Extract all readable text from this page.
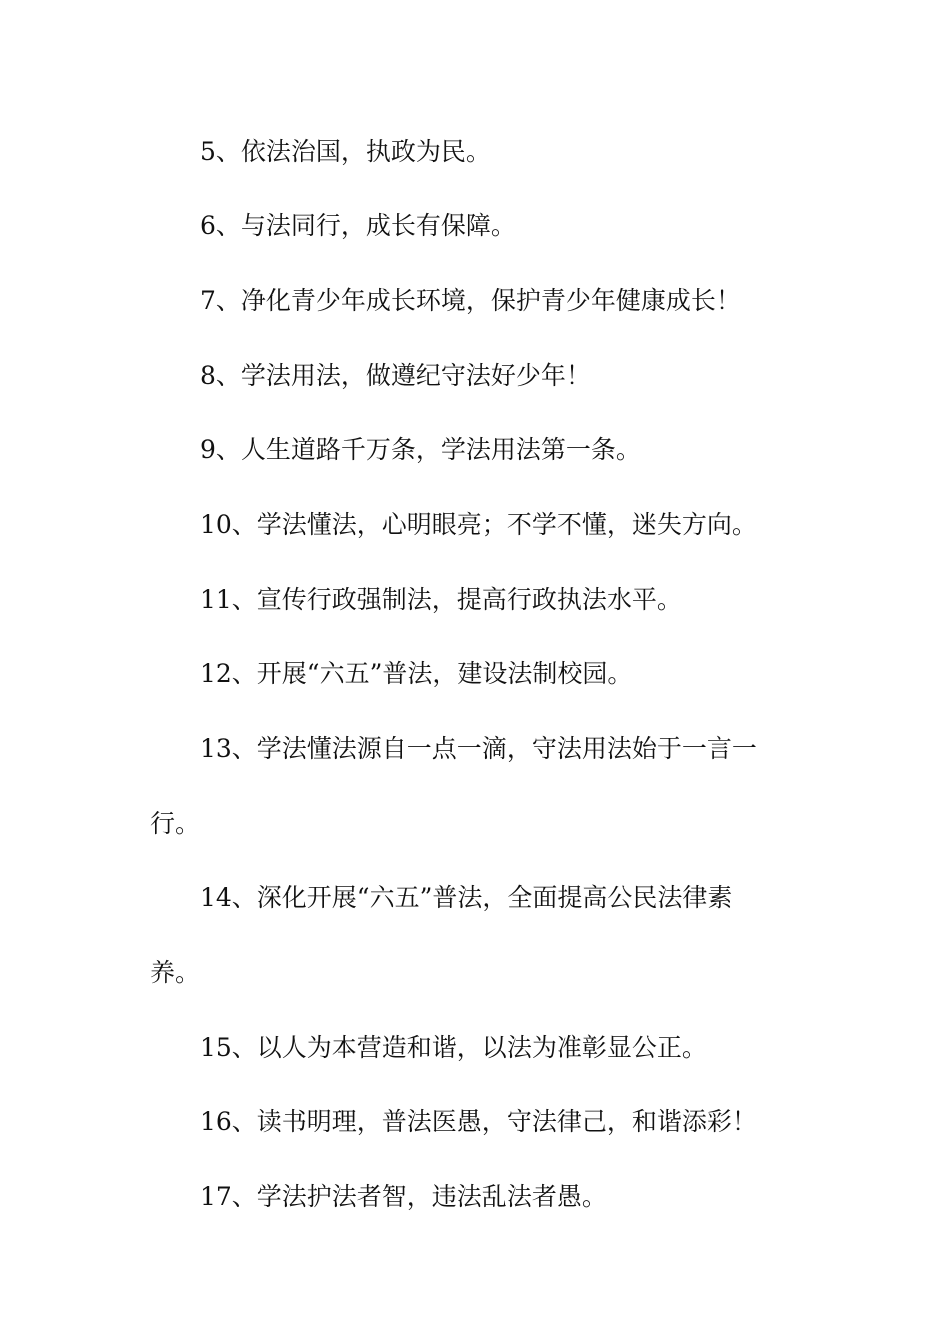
5、依法治国，执政为民。
6、与法同行，成长有保障。
7、净化青少年成长环境，保护青少年健康成长！
8、学法用法，做遵纪守法好少年！
9、人生道路千万条，学法用法第一条。
10、学法懂法，心明眼亮；不学不懂，迷失方向。
11、宣传行政强制法，提高行政执法水平。
12、开展“六五”普法，建设法制校园。
13、学法懂法源自一点一滴，守法用法始于一言一
行。
14、深化开展“六五”普法，全面提高公民法律素
养。
15、以人为本营造和谐，以法为准彰显公正。
16、读书明理，普法医愚，守法律己，和谐添彩！
17、学法护法者智，违法乱法者愚。
